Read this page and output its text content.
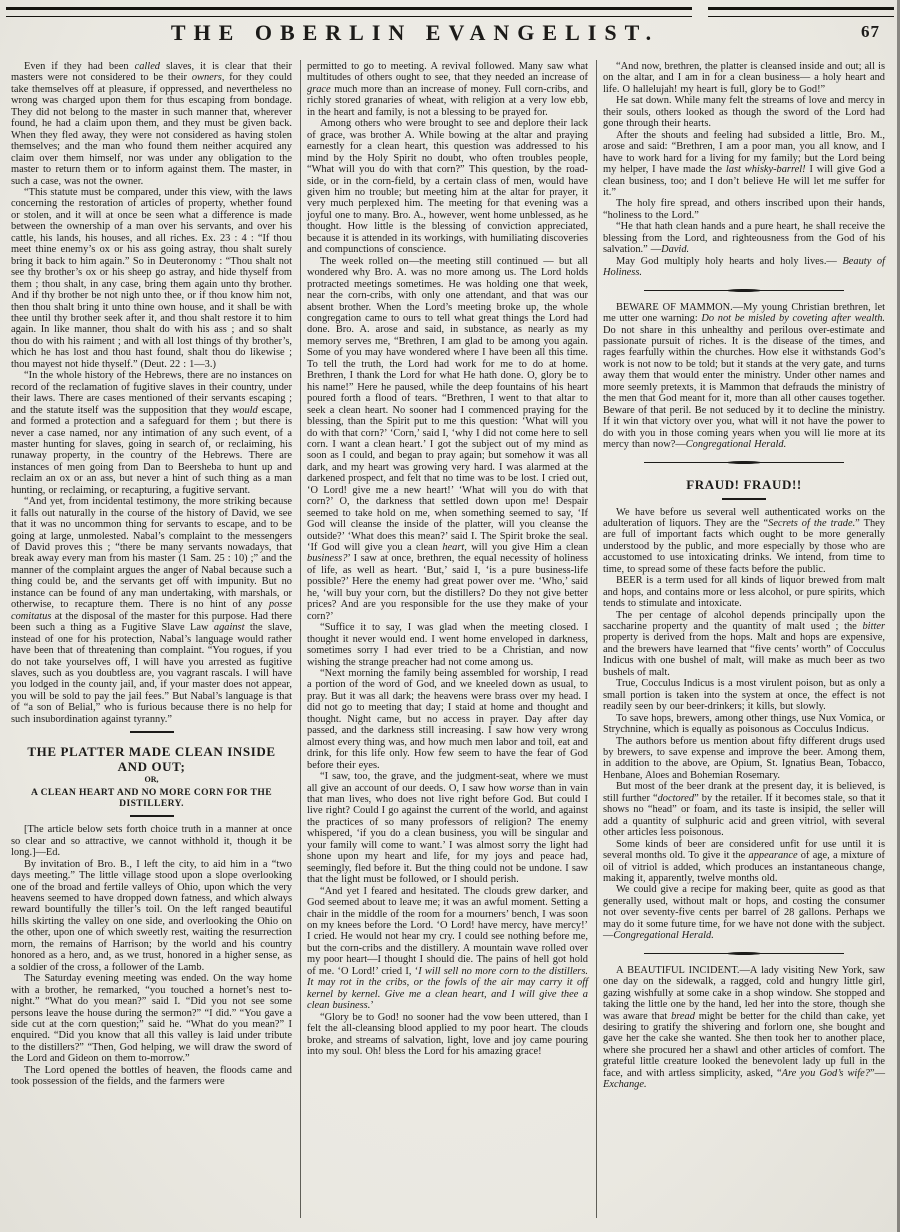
THE OBERLIN EVANGELIST.	67
Even if they had been called slaves, it is clear that their masters were not considered to be their owners, for they could take themselves off at pleasure, if oppressed, and nevertheless no wrong was charged upon them for thus escaping from bondage. They did not belong to the master in such manner that, wherever found, he had a claim upon them, and they must be given back. When they fled away, they were not considered as having stolen themselves; and the man who found them neither acquired any claim over them himself, nor was under any obligation to the master to return them or to inform against them. The master, in such a case, was not the owner.
“This statute must be compared, under this view, with the laws concerning the restoration of articles of property, whether found or stolen, and it will at once be seen what a difference is made between the ownership of a man over his servants, and over his cattle, his lands, his houses, and all riches. Ex. 23 : 4 : “If thou meet thine enemy’s ox or his ass going astray, thou shalt surely bring it back to him again.” So in Deuteronomy : “Thou shalt not see thy brother’s ox or his sheep go astray, and hide thyself from them ; thou shalt, in any case, bring them again unto thy brother. And if thy brother be not nigh unto thee, or if thou know him not, then thou shalt bring it unto thine own house, and it shall be with thee until thy brother seek after it, and thou shalt restore it to him again. In like manner, thou shalt do with his ass ; and so shalt thou do with his raiment ; and with all lost things of thy brother’s, which he has lost and thou hast found, shalt thou do likewise ; thou mayest not hide thyself.” (Deut. 22 : 1—3.)
“In the whole history of the Hebrews, there are no instances on record of the reclamation of fugitive slaves in their country, under their laws. There are cases mentioned of their servants escaping ; and the statute itself was the supposition that they would escape, and formed a protection and a safeguard for them ; but there is never a case named, nor any intimation of any such event, of a master hunting for slaves, going in search of, or reclaiming, his runaway property, in the country of the Hebrews. There are instances of men going from Dan to Beersheba to hunt up and reclaim an ox or an ass, but never a hint of such thing as a man hunting, or reclaiming, or recapturing, a fugitive servant.
“And yet, from incidental testimony, the more striking because it falls out naturally in the course of the history of David, we see that it was no uncommon thing for servants to escape, and to be going at large, unmolested. Nabal’s complaint to the messengers of David proves this ; “there be many servants nowadays, that break away every man from his master (1 Sam. 25 : 10) ;” and the manner of the complaint argues the anger of Nabal because such a thing could be, and the servants get off with impunity. But no instance can be found of any man undertaking, with marshals, or otherwise, to recapture them. There is no hint of any posse comitatus at the disposal of the master for this purpose. Had there been such a thing as a Fugitive Slave Law against the slave, instead of one for his protection, Nabal’s language would rather have been that of threatening than complaint. “You rogues, if you do not take yourselves off, I will have you arrested as fugitive slaves, such as you doubtless are, you vagrant rascals. I will have you lodged in the county jail, and, if your master does not appear, you will be sold to pay the jail fees.” But Nabal’s language is that of “a son of Belial,” who is furious because there is no help for such insubordination against tyranny.”
THE PLATTER MADE CLEAN INSIDE AND OUT;
OR,
A CLEAN HEART AND NO MORE CORN FOR THE DISTILLERY.
[The article below sets forth choice truth in a manner at once so clear and so attractive, we cannot withhold it, though it be long.]—Ed.
By invitation of Bro. B., I left the city, to aid him in a “two days meeting.” The little village stood upon a slope overlooking one of the broad and fertile valleys of Ohio, upon which the very heavens seemed to have dropped down fatness, and which always reward bountifully the tiller’s toil. On the left ranged beautiful hills skirting the valley on one side, and overlooking the Ohio on the other, upon one of which sweetly rest, waiting the resurrection morn, the remains of Harrison; by the world and his country honored as a hero, and, as we trust, honored in a higher sense, as a soldier of the cross, a follower of the Lamb.
The Saturday evening meeting was ended. On the way home with a brother, he remarked, “you touched a hornet’s nest to-night.” “What do you mean?” said I. “Did you not see some persons leave the house during the sermon?” “I did.” “You gave a side cut at the corn question;” said he. “What do you mean?” I enquired. “Did you know that all this valley is laid under tribute to the distillers?” “Then, God helping, we will draw the sword of the Lord and Gideon on them to-morrow.”
The Lord opened the bottles of heaven, the floods came and took possession of the fields, and the farmers were
permitted to go to meeting. A revival followed. Many saw what multitudes of others ought to see, that they needed an increase of grace much more than an increase of money. Full corn-cribs, and richly stored granaries of wheat, with religion at a very low ebb, in the heart and family, is not a blessing to be prayed for.
Among others who were brought to see and deplore their lack of grace, was brother A. While bowing at the altar and praying earnestly for a clean heart, this question was addressed to his mind by the Holy Spirit no doubt, who often troubles people, “What will you do with that corn?” This question, by the road-side, or in the corn-field, by a certain class of men, would have given him no trouble; but meeting him at the altar for prayer, it very much perplexed him. The meeting for that evening was a joyful one to many. Bro. A., however, went home unblessed, as he thought. How little is the blessing of conviction appreciated, because it is attended in its workings, with humiliating discoveries and compunctions of conscience.
The week rolled on—the meeting still continued — but all wondered why Bro. A. was no more among us. The Lord holds protracted meetings sometimes. He was holding one that week, near the corn-cribs, with only one attendant, and that was our absent brother. When the Lord’s meeting broke up, the whole congregation came to ours to tell what great things the Lord had done. Bro. A. arose and said, in substance, as nearly as my memory serves me, “Brethren, I am glad to be among you again. Some of you may have wondered where I have been all this time. To tell the truth, the Lord had work for me to do at home. Brethren, I thank the Lord for what He hath done. O, glory be to his name!” Here he paused, while the deep fountains of his heart poured forth a flood of tears. “Brethren, I went to that altar to seek a clean heart. No sooner had I commenced praying for the blessing, than the Spirit put to me this question: ‘What will you do with that corn?’ ‘Corn,’ said I, ‘why I did not come here to sell corn. I want a clean heart.’ I got the subject out of my mind as soon as I could, and began to pray again; but somehow it was all dark, and my heart was growing very hard. I was alarmed at the darkened prospect, and felt that no time was to be lost. I cried out, ‘O Lord! give me a new heart!’ ‘What will you do with that corn?’ O, the darkness that settled down upon me! Despair seemed to take hold on me, when something seemed to say, ‘If God will cleanse the inside of the platter, will you cleanse the outside?’ ‘What does this mean?’ said I. The Spirit broke the seal. ‘If God will give you a clean heart, will you give Him a clean business?’ I saw at once, brethren, the equal necessity of holiness of life, as well as heart. ‘But,’ said I, ‘is a pure business-life possible?’ Here the enemy had great power over me. ‘Who,’ said he, ‘will buy your corn, but the distillers? Do they not give better prices? And are you responsible for the use they make of your corn?’
“Suffice it to say, I was glad when the meeting closed. I thought it never would end. I went home enveloped in darkness, sometimes sorry I had ever tried to be a Christian, and now wishing the strange preacher had not come among us.
“Next morning the family being assembled for worship, I read a portion of the word of God, and we kneeled down as usual, to pray. But it was all dark; the heavens were brass over my head. I did not go to meeting that day; I staid at home and thought and thought. Night came, but no access in prayer. Day after day passed, and the darkness still increasing. I saw how very wrong almost every thing was, and how much men labor and toil, eat and drink, for this life only. How few seem to have the fear of God before their eyes.
“I saw, too, the grave, and the judgment-seat, where we must all give an account of our deeds. O, I saw how worse than in vain that man lives, who does not live right before God. But could I live right? Could I go against the current of the world, and against the practices of so many professors of religion? The enemy whispered, ‘if you do a clean business, you will be singular and your family will come to want.’ I was almost sorry the light had shone upon my heart and life, for my joys and peace had, seemingly, fled before it. But the thing could not be undone. I saw that the light must be followed, or I should perish.
“And yet I feared and hesitated. The clouds grew darker, and God seemed about to leave me; it was an awful moment. Setting a chair in the middle of the room for a mourners’ bench, I was soon on my knees before the Lord. ‘O Lord! have mercy, have mercy!’ I cried. He would not hear my cry. I could see nothing before me, but the corn-cribs and the distillery. A mountain wave rolled over my poor heart—I thought I should die. The pains of hell got hold of me. ‘O Lord!’ cried I, ‘I will sell no more corn to the distillers. It may rot in the cribs, or the fowls of the air may carry it off kernel by kernel. Give me a clean heart, and I will give thee a clean business.’
“Glory be to God! no sooner had the vow been uttered, than I felt the all-cleansing blood applied to my poor heart. The clouds broke, and streams of salvation, light, love and joy came pouring into my soul. Oh! bless the Lord for his amazing grace!
“And now, brethren, the platter is cleansed inside and out; all is on the altar, and I am in for a clean business— a holy heart and life. O hallelujah! my heart is full, glory be to God!”
He sat down. While many felt the streams of love and mercy in their souls, others looked as though the sword of the Lord had gone through their hearts.
After the shouts and feeling had subsided a little, Bro. M., arose and said: “Brethren, I am a poor man, you all know, and I have to work hard for a living for my family; but the Lord being my helper, I have made the last whisky-barrel! I will give God a clean business, too; and I don’t believe He will let me suffer for it.”
The holy fire spread, and others inscribed upon their hands, “holiness to the Lord.”
“He that hath clean hands and a pure heart, he shall receive the blessing from the Lord, and righteousness from the God of his salvation.” —David.
May God multiply holy hearts and holy lives.— Beauty of Holiness.
BEWARE OF MAMMON.—My young Christian brethren, let me utter one warning: Do not be misled by coveting after wealth. Do not share in this unhealthy and perilous over-estimate and passionate pursuit of riches. It is the disease of the times, and rages fearfully within the churches. How else it withstands God’s work is not now to be told; but it stands at the very gate, and turns away them that would enter the ministry. Under other names and more seemly pretexts, it is Mammon that defrauds the ministry of the men that God meant for it, more than all other causes together. Beware of that peril. Be not seduced by it to decline the ministry. If it win that victory over you, what will it not have the power to do with you in those coming years when you will lie more at its mercy than now?—Congregational Herald.
FRAUD! FRAUD!!
We have before us several well authenticated works on the adulteration of liquors. They are the “Secrets of the trade.” They are full of important facts which ought to be more generally understood by the public, and more especially by those who are accustomed to use intoxicating drinks. We intend, from time to time, to spread some of these facts before the public.
BEER is a term used for all kinds of liquor brewed from malt and hops, and contains more or less alcohol, or pure spirits, which tends to stimulate and intoxicate.
The per centage of alcohol depends principally upon the saccharine property and the quantity of malt used ; the bitter property is derived from the hops. Malt and hops are expensive, and the brewers have learned that “five cents’ worth” of Cocculus Indicus with one bushel of malt, will make as much beer as two bushels of malt.
True, Cocculus Indicus is a most virulent poison, but as only a small portion is taken into the system at once, the effect is not readily seen by our beer-drinkers; it kills, but slowly.
To save hops, brewers, among other things, use Nux Vomica, or Strychnine, which is equally as poisonous as Cocculus Indicus.
The authors before us mention about fifty different drugs used by brewers, to save expense and improve the beer. Among them, in addition to the above, are Opium, St. Ignatius Bean, Tobacco, Henbane, Aloes and Bohemian Rosemary.
But most of the beer drank at the present day, it is believed, is still further “doctored” by the retailer. If it becomes stale, so that it shows no “head” or foam, and its taste is insipid, the seller will add a quantity of sulphuric acid and green vitriol, with several other articles less poisonous.
Some kinds of beer are considered unfit for use until it is several months old. To give it the appearance of age, a mixture of oil of vitriol is added, which produces an instantaneous change, making it, apparently, twelve months old.
We could give a recipe for making beer, quite as good as that generally used, without malt or hops, and costing the consumer not over seventy-five cents per barrel of 28 gallons. Perhaps we may do it some future time, for we have not done with the subject.—Congregational Herald.
A BEAUTIFUL INCIDENT.—A lady visiting New York, saw one day on the sidewalk, a ragged, cold and hungry little girl, gazing wishfully at some cake in a shop window. She stopped and taking the little one by the hand, led her into the store, though she was aware that bread might be better for the child than cake, yet desiring to gratify the shivering and forlorn one, she bought and gave her the cake she wanted. She then took her to another place, where she procured her a shawl and other articles of comfort. The grateful little creature looked the benevolent lady up full in the face, and with artless simplicity, asked, “Are you God’s wife?”—Exchange.
